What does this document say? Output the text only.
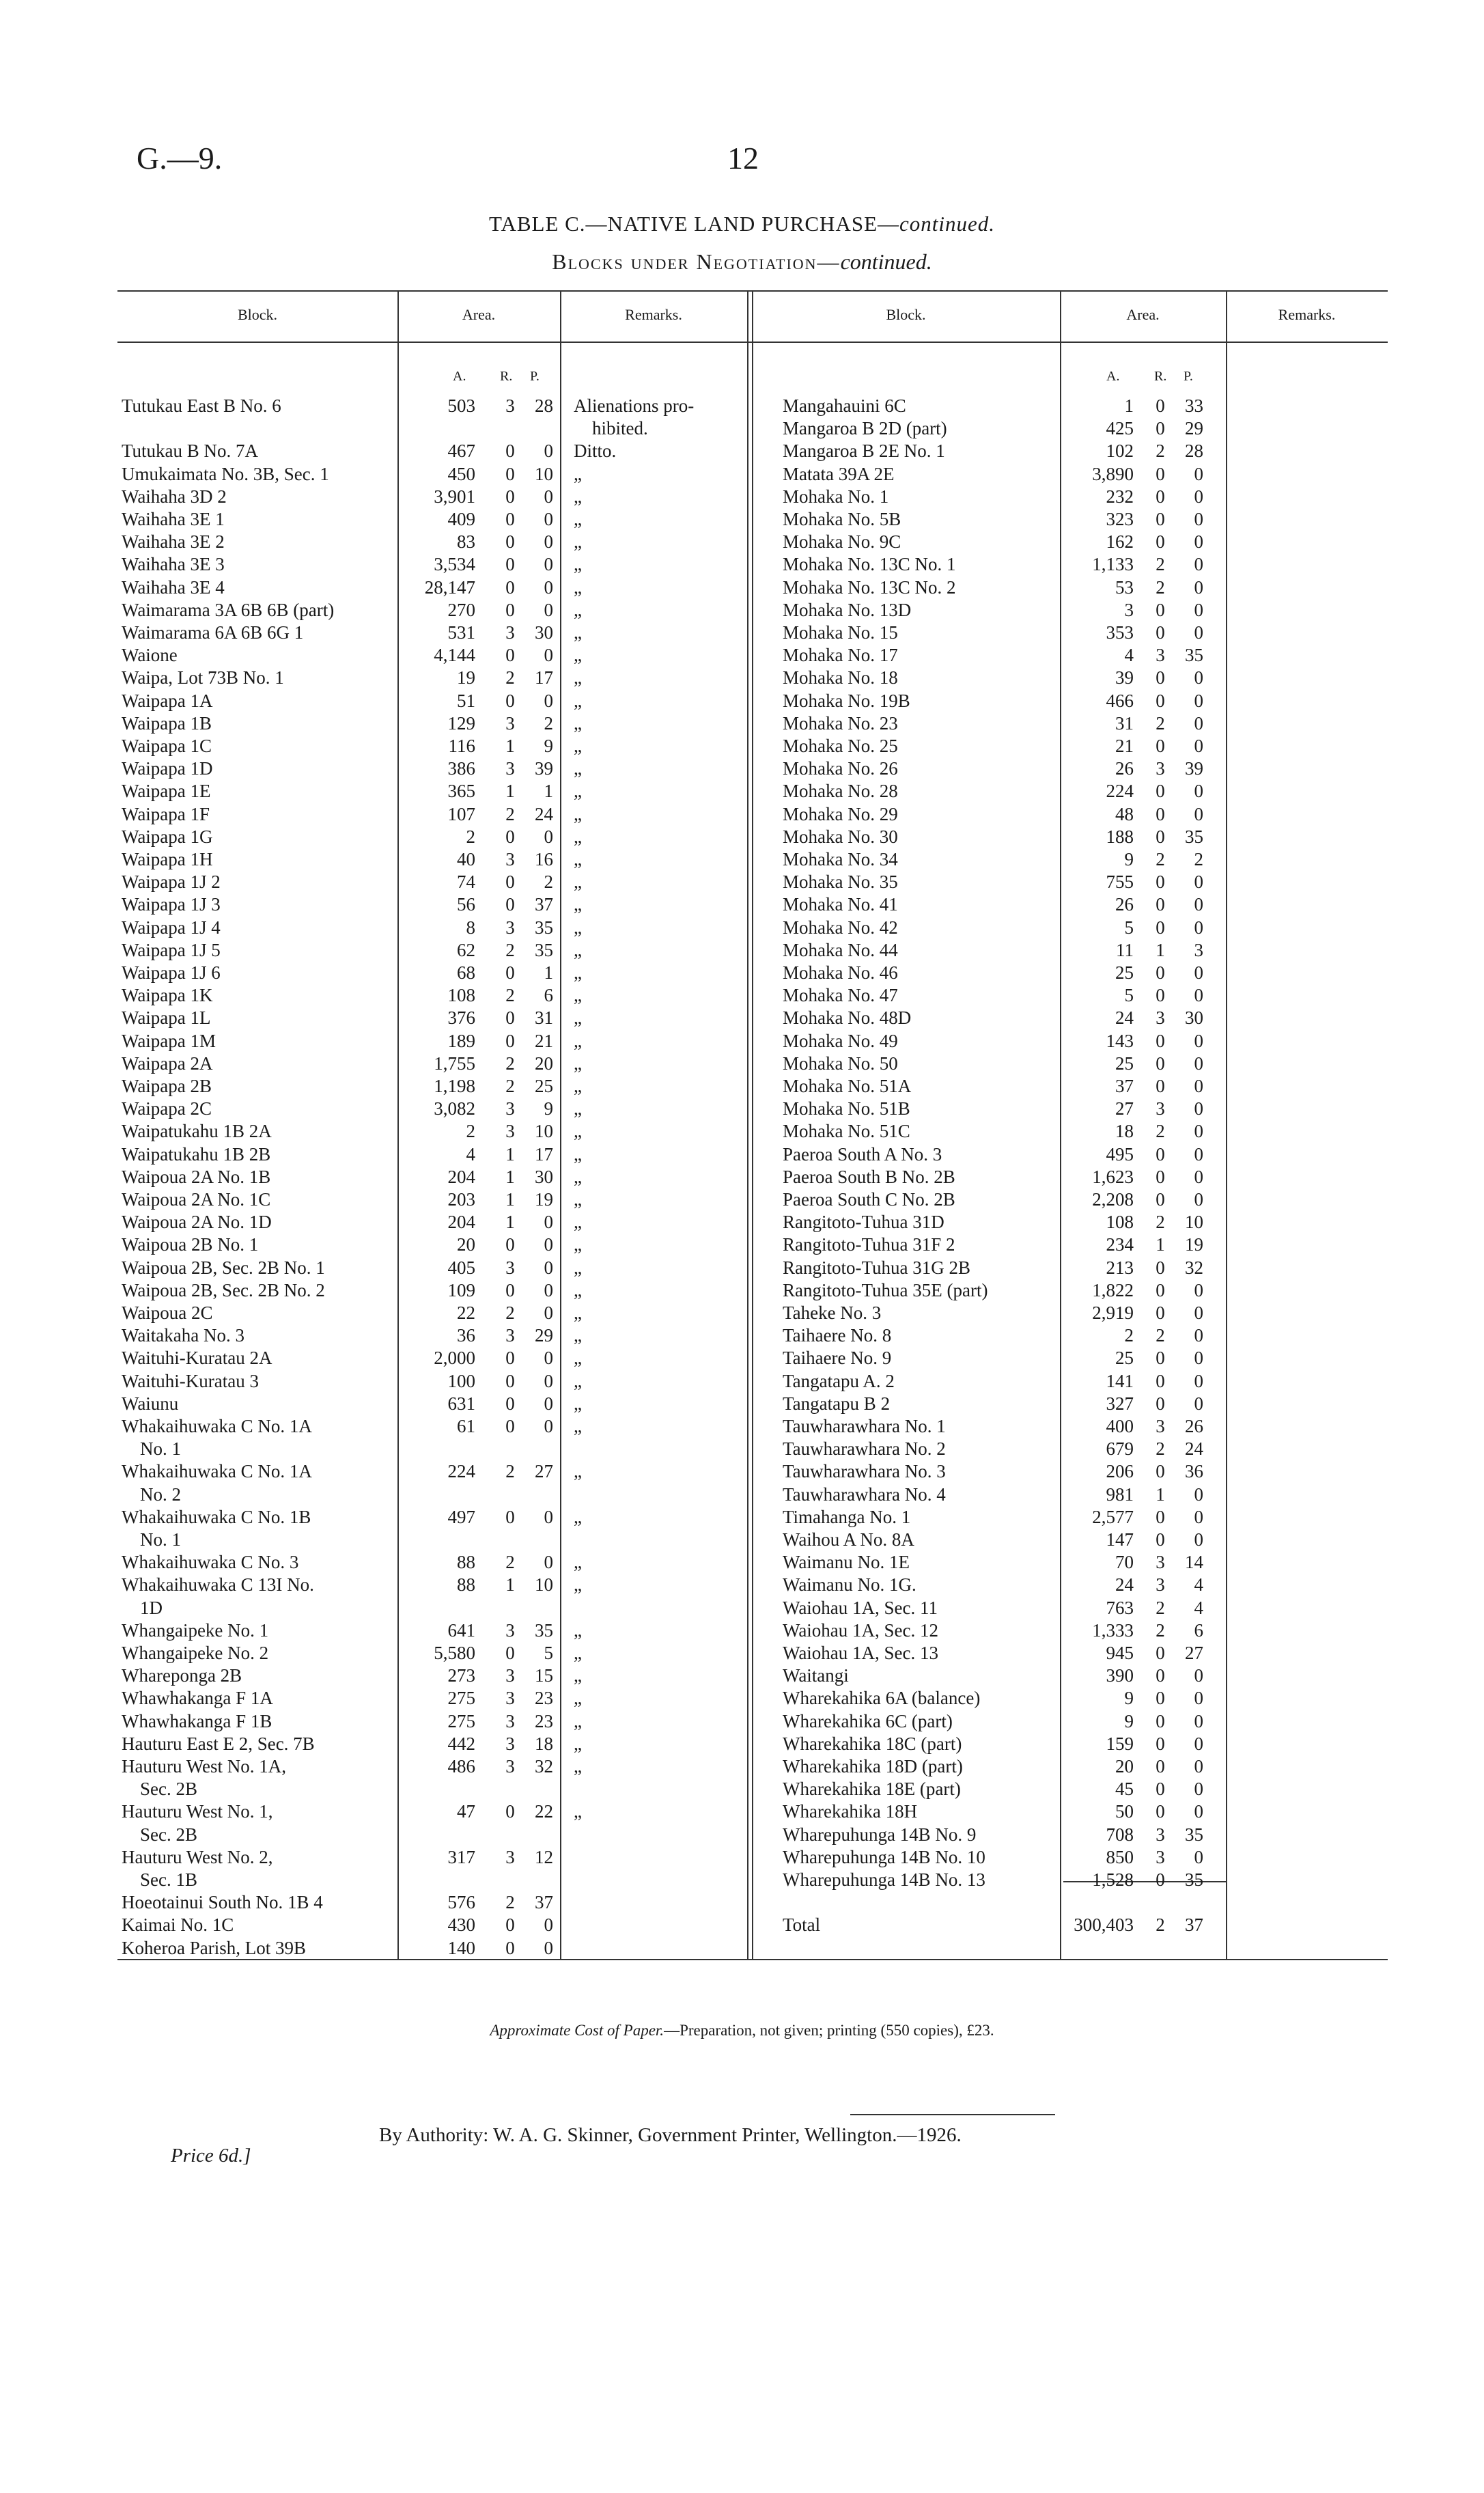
G.—9.	12
TABLE C.—NATIVE LAND PURCHASE—continued.
Blocks under Negotiation—continued.
Block.	Area.	Remarks.	Block.	Area.	Remarks.
A. R. P.	A.	R. P.
Tutukau East B No. 6	503 3	28 Alienations pro-
hibited.
Tutukau B No. 7A	467 0	0 Ditto.
Umukaimata No. 3B, Sec. 1	450 0	10 „
Waihaha 3D 2	3,901 0	0 „
Waihaha 3E 1	409 0	0 „
Waihaha 3E 2	83 0	0 „
Waihaha 3E 3	3,534 0	0 „
Waihaha 3E 4	28,147 0	0 „
Waimarama 3A 6B 6B (part)	270 0	0 „
Waimarama 6A 6B 6G 1	531 3	30 „
Waione	4,144 0	0 „
Waipa, Lot 73B No. 1	19 2	17 „
Waipapa 1A	51 0	0 „
Waipapa 1B	129 3	2 „
Waipapa 1C	116 1	9 „
Waipapa 1D	386 3	39 „
Waipapa 1E	365 1	1 „
Waipapa 1F	107 2	24 „
Waipapa 1G	2 0	0 „
Waipapa 1H	40 3	16 „
Waipapa 1J 2	74 0	2 „
Waipapa 1J 3	56 0	37 „
Waipapa 1J 4	8 3	35 „
Waipapa 1J 5	62 2	35 „
Waipapa 1J 6	68 0	1 „
Waipapa 1K	108 2	6 „
Waipapa 1L	376 0	31 „
Waipapa 1M	189 0	21 „
Waipapa 2A	1,755 2	20 „
Waipapa 2B	1,198 2	25 „
Waipapa 2C	3,082 3	9 „
Waipatukahu 1B 2A	2 3	10 „
Waipatukahu 1B 2B	4 1	17 „
Waipoua 2A No. 1B	204 1	30 „
Waipoua 2A No. 1C	203 1	19 „
Waipoua 2A No. 1D	204 1	0 „
Waipoua 2B No. 1	20 0	0 „
Waipoua 2B, Sec. 2B No. 1	405 3	0 „
Waipoua 2B, Sec. 2B No. 2	109 0	0 „
Waipoua 2C	22 2	0 „
Waitakaha No. 3	36 3	29 „
Waituhi-Kuratau 2A	2,000 0	0 „
Waituhi-Kuratau 3	100 0	0 „
Waiunu	631 0	0 „
Whakaihuwaka C No. 1A	61 0	0 „
No. 1
Whakaihuwaka C No. 1A	224 2	27 „
No. 2
Whakaihuwaka C No. 1B	497 0	0 „
No. 1
Whakaihuwaka C No. 3	88 2	0 „
Whakaihuwaka C 13I No.	88 1	10 „
1D
Whangaipeke No. 1	641 3	35 „
Whangaipeke No. 2	5,580 0	5 „
Whareponga 2B	273 3	15 „
Whawhakanga F 1A	275 3	23 „
Whawhakanga F 1B	275 3	23 „
Hauturu East E 2, Sec. 7B	442 3	18 „
Hauturu West No. 1A,	486 3	32 „
Sec. 2B
Hauturu West No. 1,	47 0	22 „
Sec. 2B
Hauturu West No. 2,	317 3	12
Sec. 1B
Hoeotainui South No. 1B 4	576 2	37
Kaimai No. 1C	430 0	0
Koheroa Parish, Lot 39B	140 0	0
Mangahauini 6C	1 0	33
Mangaroa B 2D (part)	425 0	29
Mangaroa B 2E No. 1	102 2	28
Matata 39A 2E	3,890 0	0
Mohaka No. 1	232 0	0
Mohaka No. 5B	323 0	0
Mohaka No. 9C	162 0	0
Mohaka No. 13C No. 1	1,133 2	0
Mohaka No. 13C No. 2	53 2	0
Mohaka No. 13D	3 0	0
Mohaka No. 15	353 0	0
Mohaka No. 17	4 3	35
Mohaka No. 18	39 0	0
Mohaka No. 19B	466 0	0
Mohaka No. 23	31 2	0
Mohaka No. 25	21 0	0
Mohaka No. 26	26 3	39
Mohaka No. 28	224 0	0
Mohaka No. 29	48 0	0
Mohaka No. 30	188 0	35
Mohaka No. 34	9 2	2
Mohaka No. 35	755 0	0
Mohaka No. 41	26 0	0
Mohaka No. 42	5 0	0
Mohaka No. 44	11 1	3
Mohaka No. 46	25 0	0
Mohaka No. 47	5 0	0
Mohaka No. 48D	24 3	30
Mohaka No. 49	143 0	0
Mohaka No. 50	25 0	0
Mohaka No. 51A	37 0	0
Mohaka No. 51B	27 3	0
Mohaka No. 51C	18 2	0
Paeroa South A No. 3	495 0	0
Paeroa South B No. 2B	1,623 0	0
Paeroa South C No. 2B	2,208 0	0
Rangitoto-Tuhua 31D	108 2	10
Rangitoto-Tuhua 31F 2	234 1	19
Rangitoto-Tuhua 31G 2B	213 0	32
Rangitoto-Tuhua 35E (part)	1,822 0	0
Taheke No. 3	2,919 0	0
Taihaere No. 8	2 2	0
Taihaere No. 9	25 0	0
Tangatapu A. 2	141 0	0
Tangatapu B 2	327 0	0
Tauwharawhara No. 1	400 3	26
Tauwharawhara No. 2	679 2	24
Tauwharawhara No. 3	206 0	36
Tauwharawhara No. 4	981 1	0
Timahanga No. 1	2,577 0	0
Waihou A No. 8A	147 0	0
Waimanu No. 1E	70 3	14
Waimanu No. 1G.	24 3	4
Waiohau 1A, Sec. 11	763 2	4
Waiohau 1A, Sec. 12	1,333 2	6
Waiohau 1A, Sec. 13	945 0	27
Waitangi	390 0	0
Wharekahika 6A (balance)	9 0	0
Wharekahika 6C (part)	9 0	0
Wharekahika 18C (part)	159 0	0
Wharekahika 18D (part)	20 0	0
Wharekahika 18E (part)	45 0	0
Wharekahika 18H	50 0	0
Wharepuhunga 14B No. 9	708 3	35
Wharepuhunga 14B No. 10	850 3	0
Wharepuhunga 14B No. 13	1,528 0	35
Total	300,403 2	37
Approximate Cost of Paper.—Preparation, not given; printing (550 copies), £23.
By Authority: W. A. G. Skinner, Government Printer, Wellington.—1926.
Price 6d.]
